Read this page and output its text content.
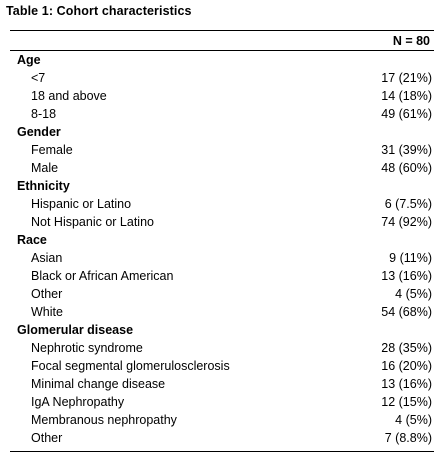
Table 1: Cohort characteristics
N = 80
Age
<7	17 (21%)
18 and above	14 (18%)
8-18	49 (61%)
Gender
Female	31 (39%)
Male	48 (60%)
Ethnicity
Hispanic or Latino	6 (7.5%)
Not Hispanic or Latino	74 (92%)
Race
Asian	9 (11%)
Black or African American	13 (16%)
Other	4 (5%)
White	54 (68%)
Glomerular disease
Nephrotic syndrome	28 (35%)
Focal segmental glomerulosclerosis	16 (20%)
Minimal change disease	13 (16%)
IgA Nephropathy	12 (15%)
Membranous nephropathy	4 (5%)
Other	7 (8.8%)
